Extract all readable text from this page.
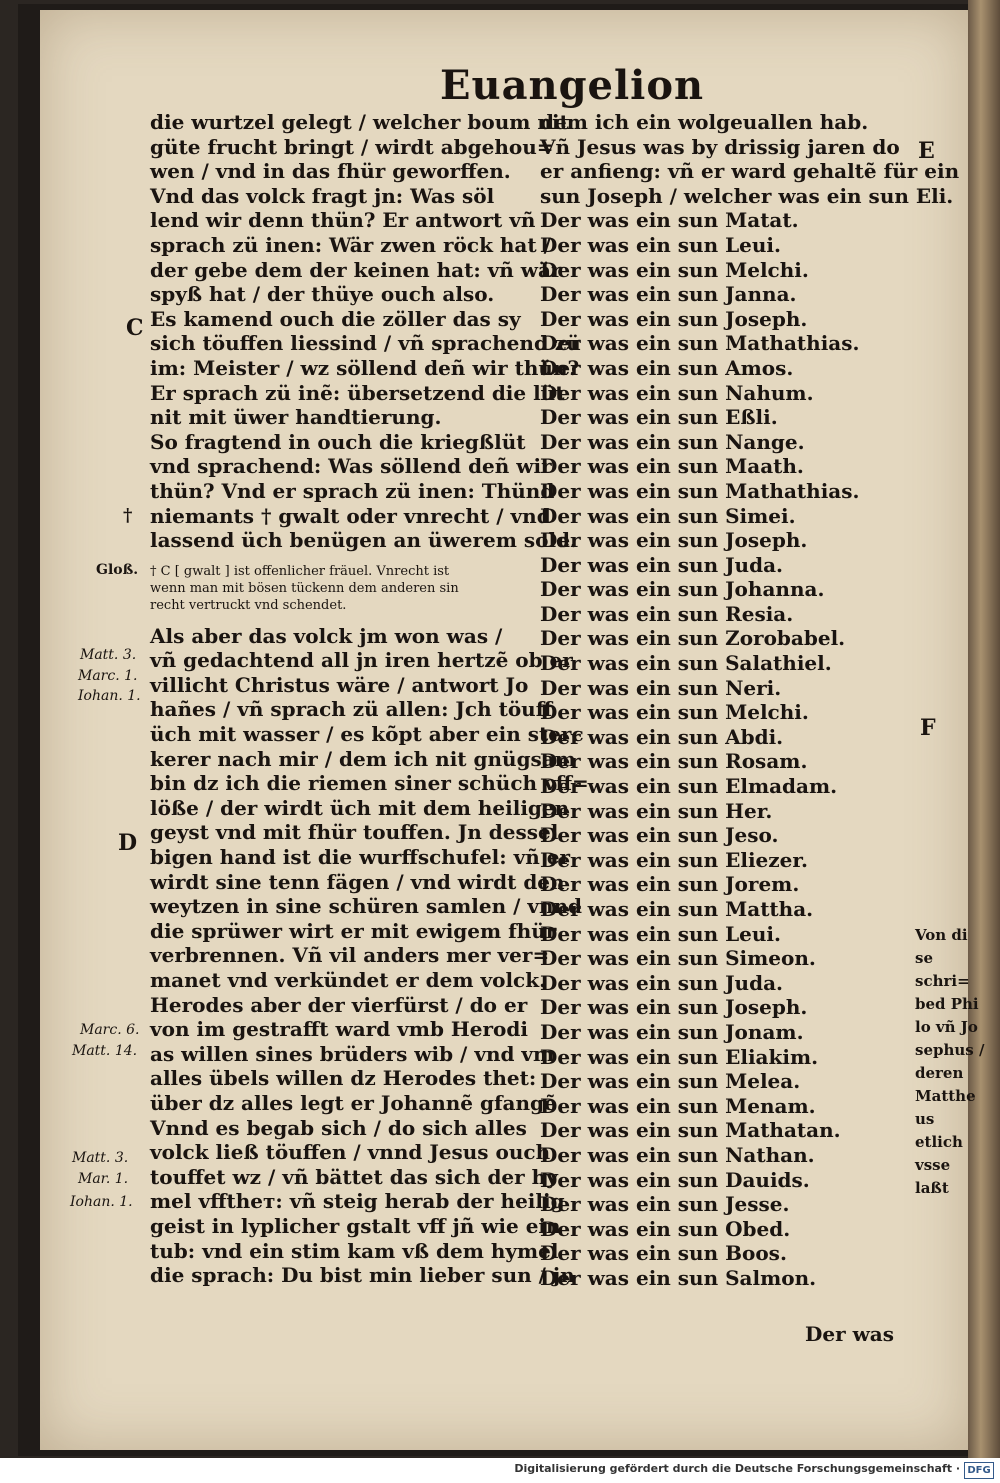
Euangelion
die wurtzel gelegt / welcher boum nit
güte frucht bringt / wirdt abgehou=
wen / vnd in das fhür geworffen.
Vnd das volck fragt jn: Was söl
lend wir denn thün? Er antwort vñ
sprach zü inen: Wär zwen röck hat /
der gebe dem der keinen hat: vñ wär
spyß hat / der thüye ouch also.
Es kamend ouch die zöller das sy
sich töuffen liessind / vñ sprachend zü
im: Meister / wz söllend deñ wir thün?
Er sprach zü inẽ: übersetzend die lüt
nit mit üwer handtierung.
So fragtend in ouch die kriegßlüt
vnd sprachend: Was söllend deñ wir
thün? Vnd er sprach zü inen: Thünd
niemants † gwalt oder vnrecht / vnd
lassend üch benügen an üwerem sold.
† C [ gwalt ] ist offenlicher fräuel. Vnrecht ist
wenn man mit bösen tückenn dem anderen sin
recht vertruckt vnd schendet.
Als aber das volck jm won was /
vñ gedachtend all jn iren hertzẽ ob er
villicht Christus wäre / antwort Jo
hañes / vñ sprach zü allen: Jch töuff
üch mit wasser / es kõpt aber ein sterc
kerer nach mir / dem ich nit gnügsam
bin dz ich die riemen siner schüch vff=
löße / der wirdt üch mit dem heiligen
geyst vnd mit fhür touffen. Jn dessel
bigen hand ist die wurffschufel: vñ er
wirdt sine tenn fägen / vnd wirdt den
weytzen in sine schüren samlen / vnnd
die sprüwer wirt er mit ewigem fhür
verbrennen. Vñ vil anders mer ver=
manet vnd verkündet er dem volck.
Herodes aber der vierfürst / do er
von im gestrafft ward vmb Herodi
as willen sines brüders wib / vnd vm
alles übels willen dz Herodes thet:
über dz alles legt er Johannẽ gfangẽ.
Vnnd es begab sich / do sich alles
volck ließ töuffen / vnnd Jesus ouch
touffet wz / vñ bättet das sich der hy
mel vfftheт: vñ steig herab der heilig
geist in lyplicher gstalt vff jñ wie ein
tub: vnd ein stim kam vß dem hymel
die sprach: Du bist min lieber sun / jn
dem ich ein wolgeuallen hab.
Vñ Jesus was by drissig jaren do
er anfieng: vñ er ward gehaltẽ für ein
sun Joseph / welcher was ein sun Eli.
Der was ein sun Matat.
Der was ein sun Leui.
Der was ein sun Melchi.
Der was ein sun Janna.
Der was ein sun Joseph.
Der was ein sun Mathathias.
Der was ein sun Amos.
Der was ein sun Nahum.
Der was ein sun Eßli.
Der was ein sun Nange.
Der was ein sun Maath.
Der was ein sun Mathathias.
Der was ein sun Simei.
Der was ein sun Joseph.
Der was ein sun Juda.
Der was ein sun Johanna.
Der was ein sun Resia.
Der was ein sun Zorobabel.
Der was ein sun Salathiel.
Der was ein sun Neri.
Der was ein sun Melchi.
Der was ein sun Abdi.
Der was ein sun Rosam.
Der was ein sun Elmadam.
Der was ein sun Her.
Der was ein sun Jeso.
Der was ein sun Eliezer.
Der was ein sun Jorem.
Der was ein sun Mattha.
Der was ein sun Leui.
Der was ein sun Simeon.
Der was ein sun Juda.
Der was ein sun Joseph.
Der was ein sun Jonam.
Der was ein sun Eliakim.
Der was ein sun Melea.
Der was ein sun Menam.
Der was ein sun Mathatan.
Der was ein sun Nathan.
Der was ein sun Dauids.
Der was ein sun Jesse.
Der was ein sun Obed.
Der was ein sun Boos.
Der was ein sun Salmon.
Der was
C
†
Gloß.
D
Matt. 3.
Marc. 1.
Iohan. 1.
Marc. 6.
Matt. 14.
Matt. 3.
Mar. 1.
Iohan. 1.
E
F
Von di
se schri=
bed Phi
lo vñ Jo
sephus /
deren
Matthe
us etlich
vsse laßt
Digitalisierung gefördert durch die Deutsche Forschungsgemeinschaft · DFG
